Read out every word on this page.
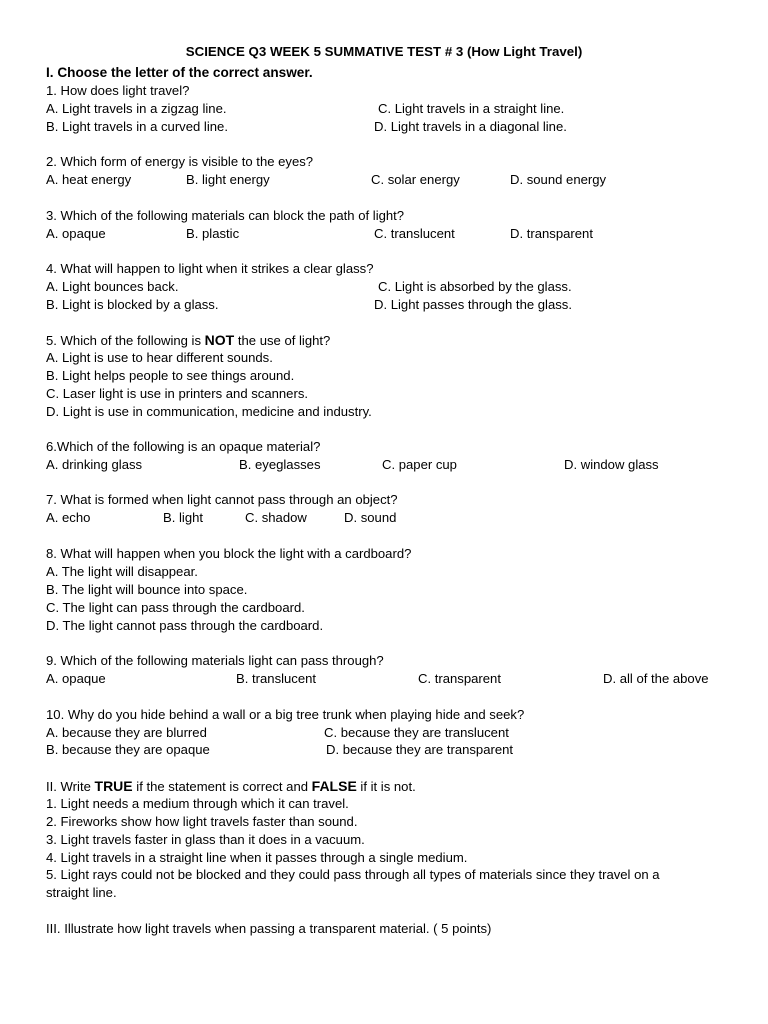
SCIENCE Q3 WEEK 5 SUMMATIVE TEST # 3 (How Light Travel)
I. Choose the letter of the correct answer.
1. How does light travel?
A. Light travels in a zigzag line.	C. Light travels in a straight line.
B. Light travels in a curved line.	D. Light travels in a diagonal line.
2. Which form of energy is visible to the eyes?
A. heat energy	B. light energy	C. solar energy	D. sound energy
3. Which of the following materials can block the path of light?
A. opaque	B. plastic	C. translucent	D. transparent
4. What will happen to light when it strikes a clear glass?
A. Light bounces back.	C. Light is absorbed by the glass.
B. Light is blocked by a glass.	D. Light passes through the glass.
5. Which of the following is NOT the use of light?
A. Light is use to hear different sounds.
B. Light helps people to see things around.
C. Laser light is use in printers and scanners.
D. Light is use in communication, medicine and industry.
6.Which of the following is an opaque material?
A. drinking glass	B. eyeglasses	C. paper cup	D. window glass
7. What is formed when light cannot pass through an object?
A. echo	B. light	C. shadow	D. sound
8. What will happen when you block the light with a cardboard?
A. The light will disappear.
B. The light will bounce into space.
C. The light can pass through the cardboard.
D. The light cannot pass through the cardboard.
9. Which of the following materials light can pass through?
A. opaque	B. translucent	C. transparent	D. all of the above
10. Why do you hide behind a wall or a big tree trunk when playing hide and seek?
A. because they are blurred	C. because they are translucent
B. because they are opaque	D. because they are transparent
II. Write TRUE if the statement is correct and FALSE if it is not.
1. Light needs a medium through which it can travel.
2. Fireworks show how light travels faster than sound.
3. Light travels faster in glass than it does in a vacuum.
4. Light travels in a straight line when it passes through a single medium.
5. Light rays could not be blocked and they could pass through all types of materials since they travel on a
straight line.
III. Illustrate how light travels when passing a transparent material. ( 5 points)
